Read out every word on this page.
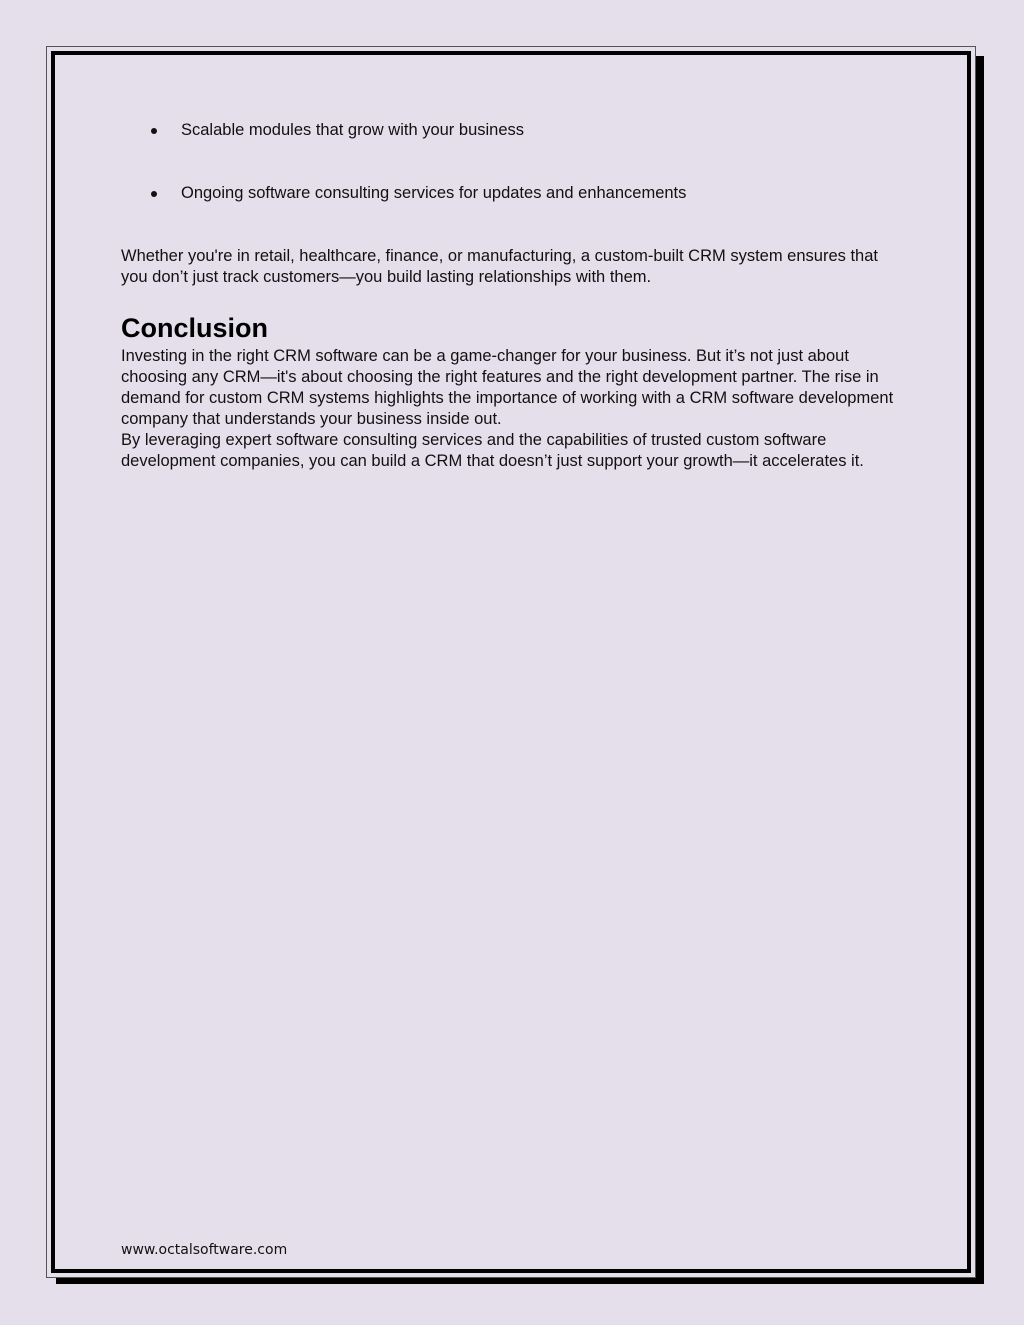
Scalable modules that grow with your business
Ongoing software consulting services for updates and enhancements

Whether you're in retail, healthcare, finance, or manufacturing, a custom-built CRM system ensures that you don’t just track customers—you build lasting relationships with them.

Conclusion

Investing in the right CRM software can be a game-changer for your business. But it’s not just about choosing any CRM—it's about choosing the right features and the right development partner. The rise in demand for custom CRM systems highlights the importance of working with a CRM software development company that understands your business inside out.

By leveraging expert software consulting services and the capabilities of trusted custom software development companies, you can build a CRM that doesn’t just support your growth—it accelerates it.

www.octalsoftware.com
